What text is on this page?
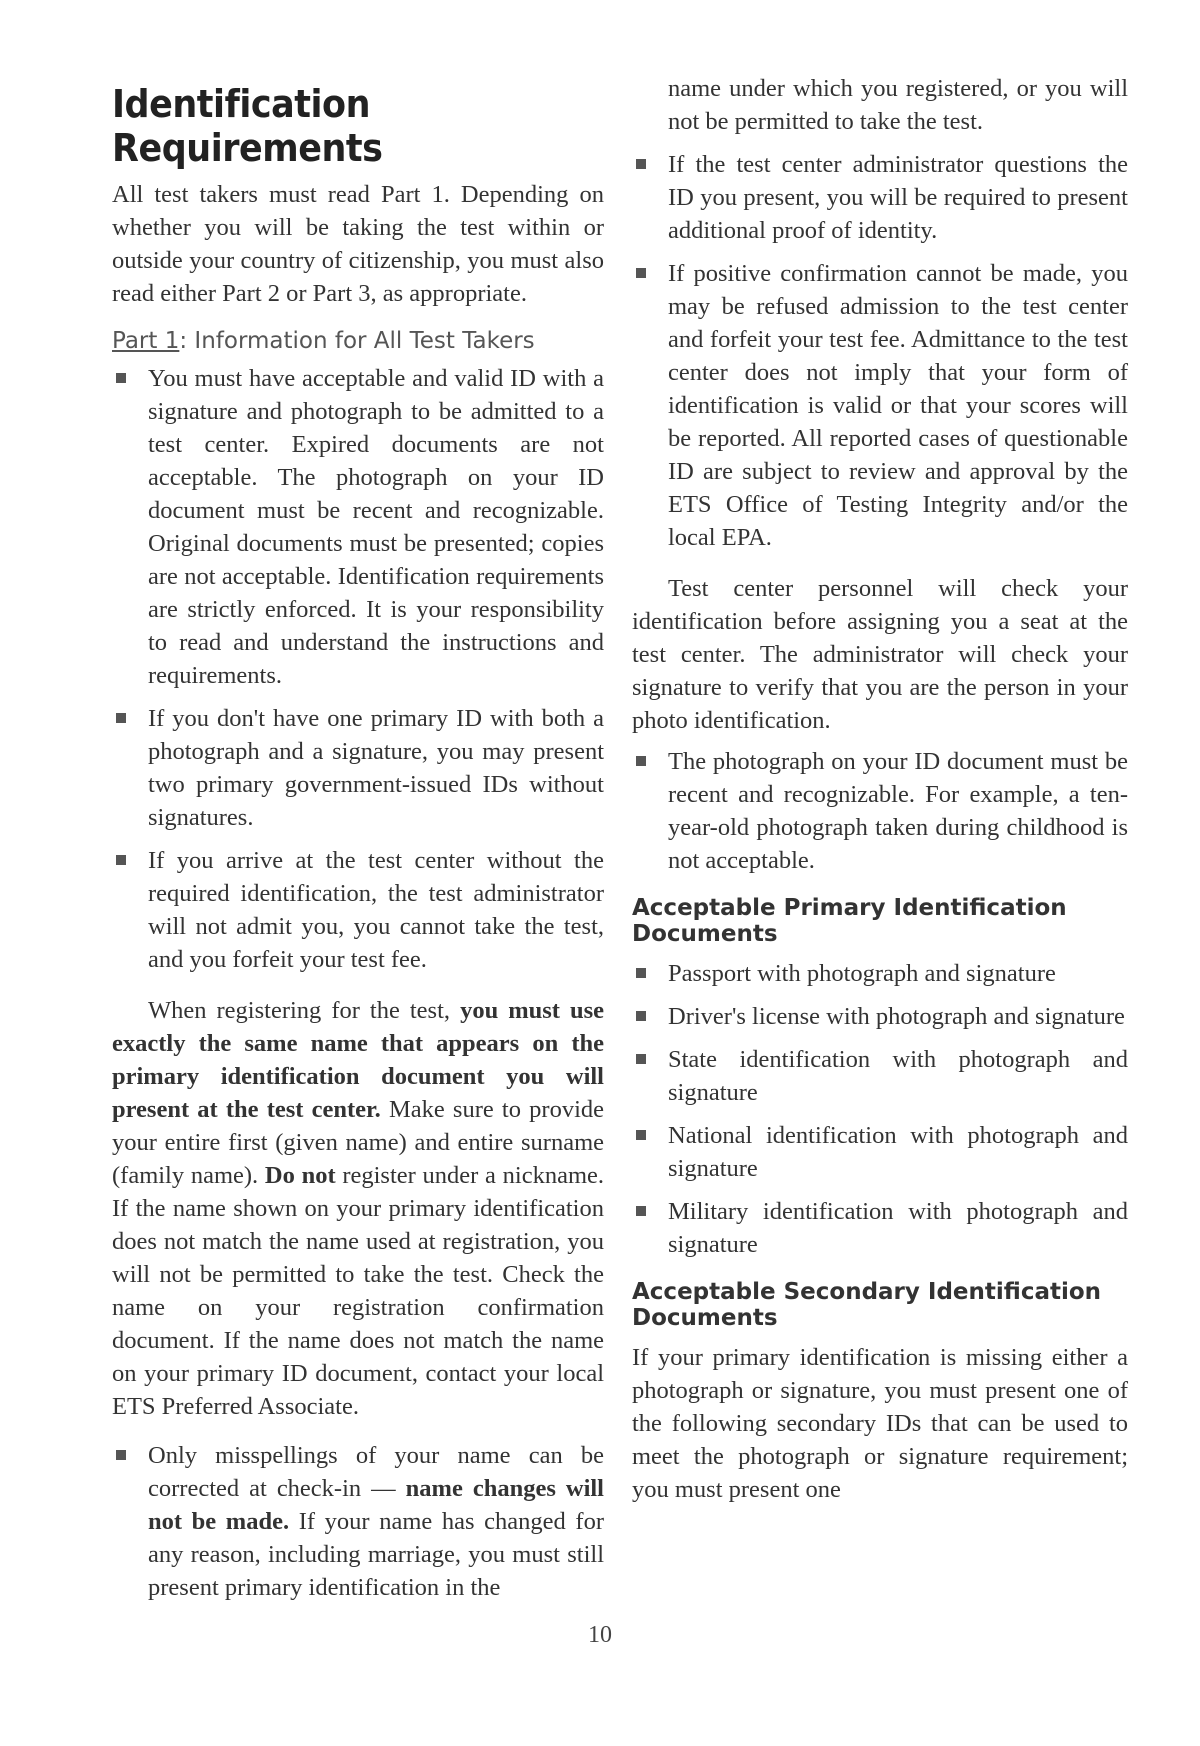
Identification Requirements

All test takers must read Part 1. Depending on whether you will be taking the test within or outside your country of citizenship, you must also read either Part 2 or Part 3, as appropriate.

Part 1: Information for All Test Takers
You must have acceptable and valid ID with a signature and photograph to be admitted to a test center. Expired documents are not acceptable. The photograph on your ID document must be recent and recognizable. Original documents must be presented; copies are not acceptable. Identification requirements are strictly enforced. It is your responsibility to read and understand the instructions and requirements.
If you don't have one primary ID with both a photograph and a signature, you may present two primary government-issued IDs without signatures.
If you arrive at the test center without the required identification, the test administrator will not admit you, you cannot take the test, and you forfeit your test fee.

When registering for the test, you must use exactly the same name that appears on the primary identification document you will present at the test center. Make sure to provide your entire first (given name) and entire surname (family name). Do not register under a nickname. If the name shown on your primary identification does not match the name used at registration, you will not be permitted to take the test. Check the name on your registration confirmation document. If the name does not match the name on your primary ID document, contact your local ETS Preferred Associate.

Only misspellings of your name can be corrected at check-in — name changes will not be made. If your name has changed for any reason, including marriage, you must still present primary identification in the
name under which you registered, or you will not be permitted to take the test.
If the test center administrator questions the ID you present, you will be required to present additional proof of identity.
If positive confirmation cannot be made, you may be refused admission to the test center and forfeit your test fee. Admittance to the test center does not imply that your form of identification is valid or that your scores will be reported. All reported cases of questionable ID are subject to review and approval by the ETS Office of Testing Integrity and/or the local EPA.

Test center personnel will check your identification before assigning you a seat at the test center. The administrator will check your signature to verify that you are the person in your photo identification.

The photograph on your ID document must be recent and recognizable. For example, a ten-year-old photograph taken during childhood is not acceptable.
Acceptable Primary Identification Documents
Passport with photograph and signature
Driver's license with photograph and signature
State identification with photograph and signature
National identification with photograph and signature
Military identification with photograph and signature
Acceptable Secondary Identification Documents

If your primary identification is missing either a photograph or signature, you must present one of the following secondary IDs that can be used to meet the photograph or signature requirement; you must present one

10
